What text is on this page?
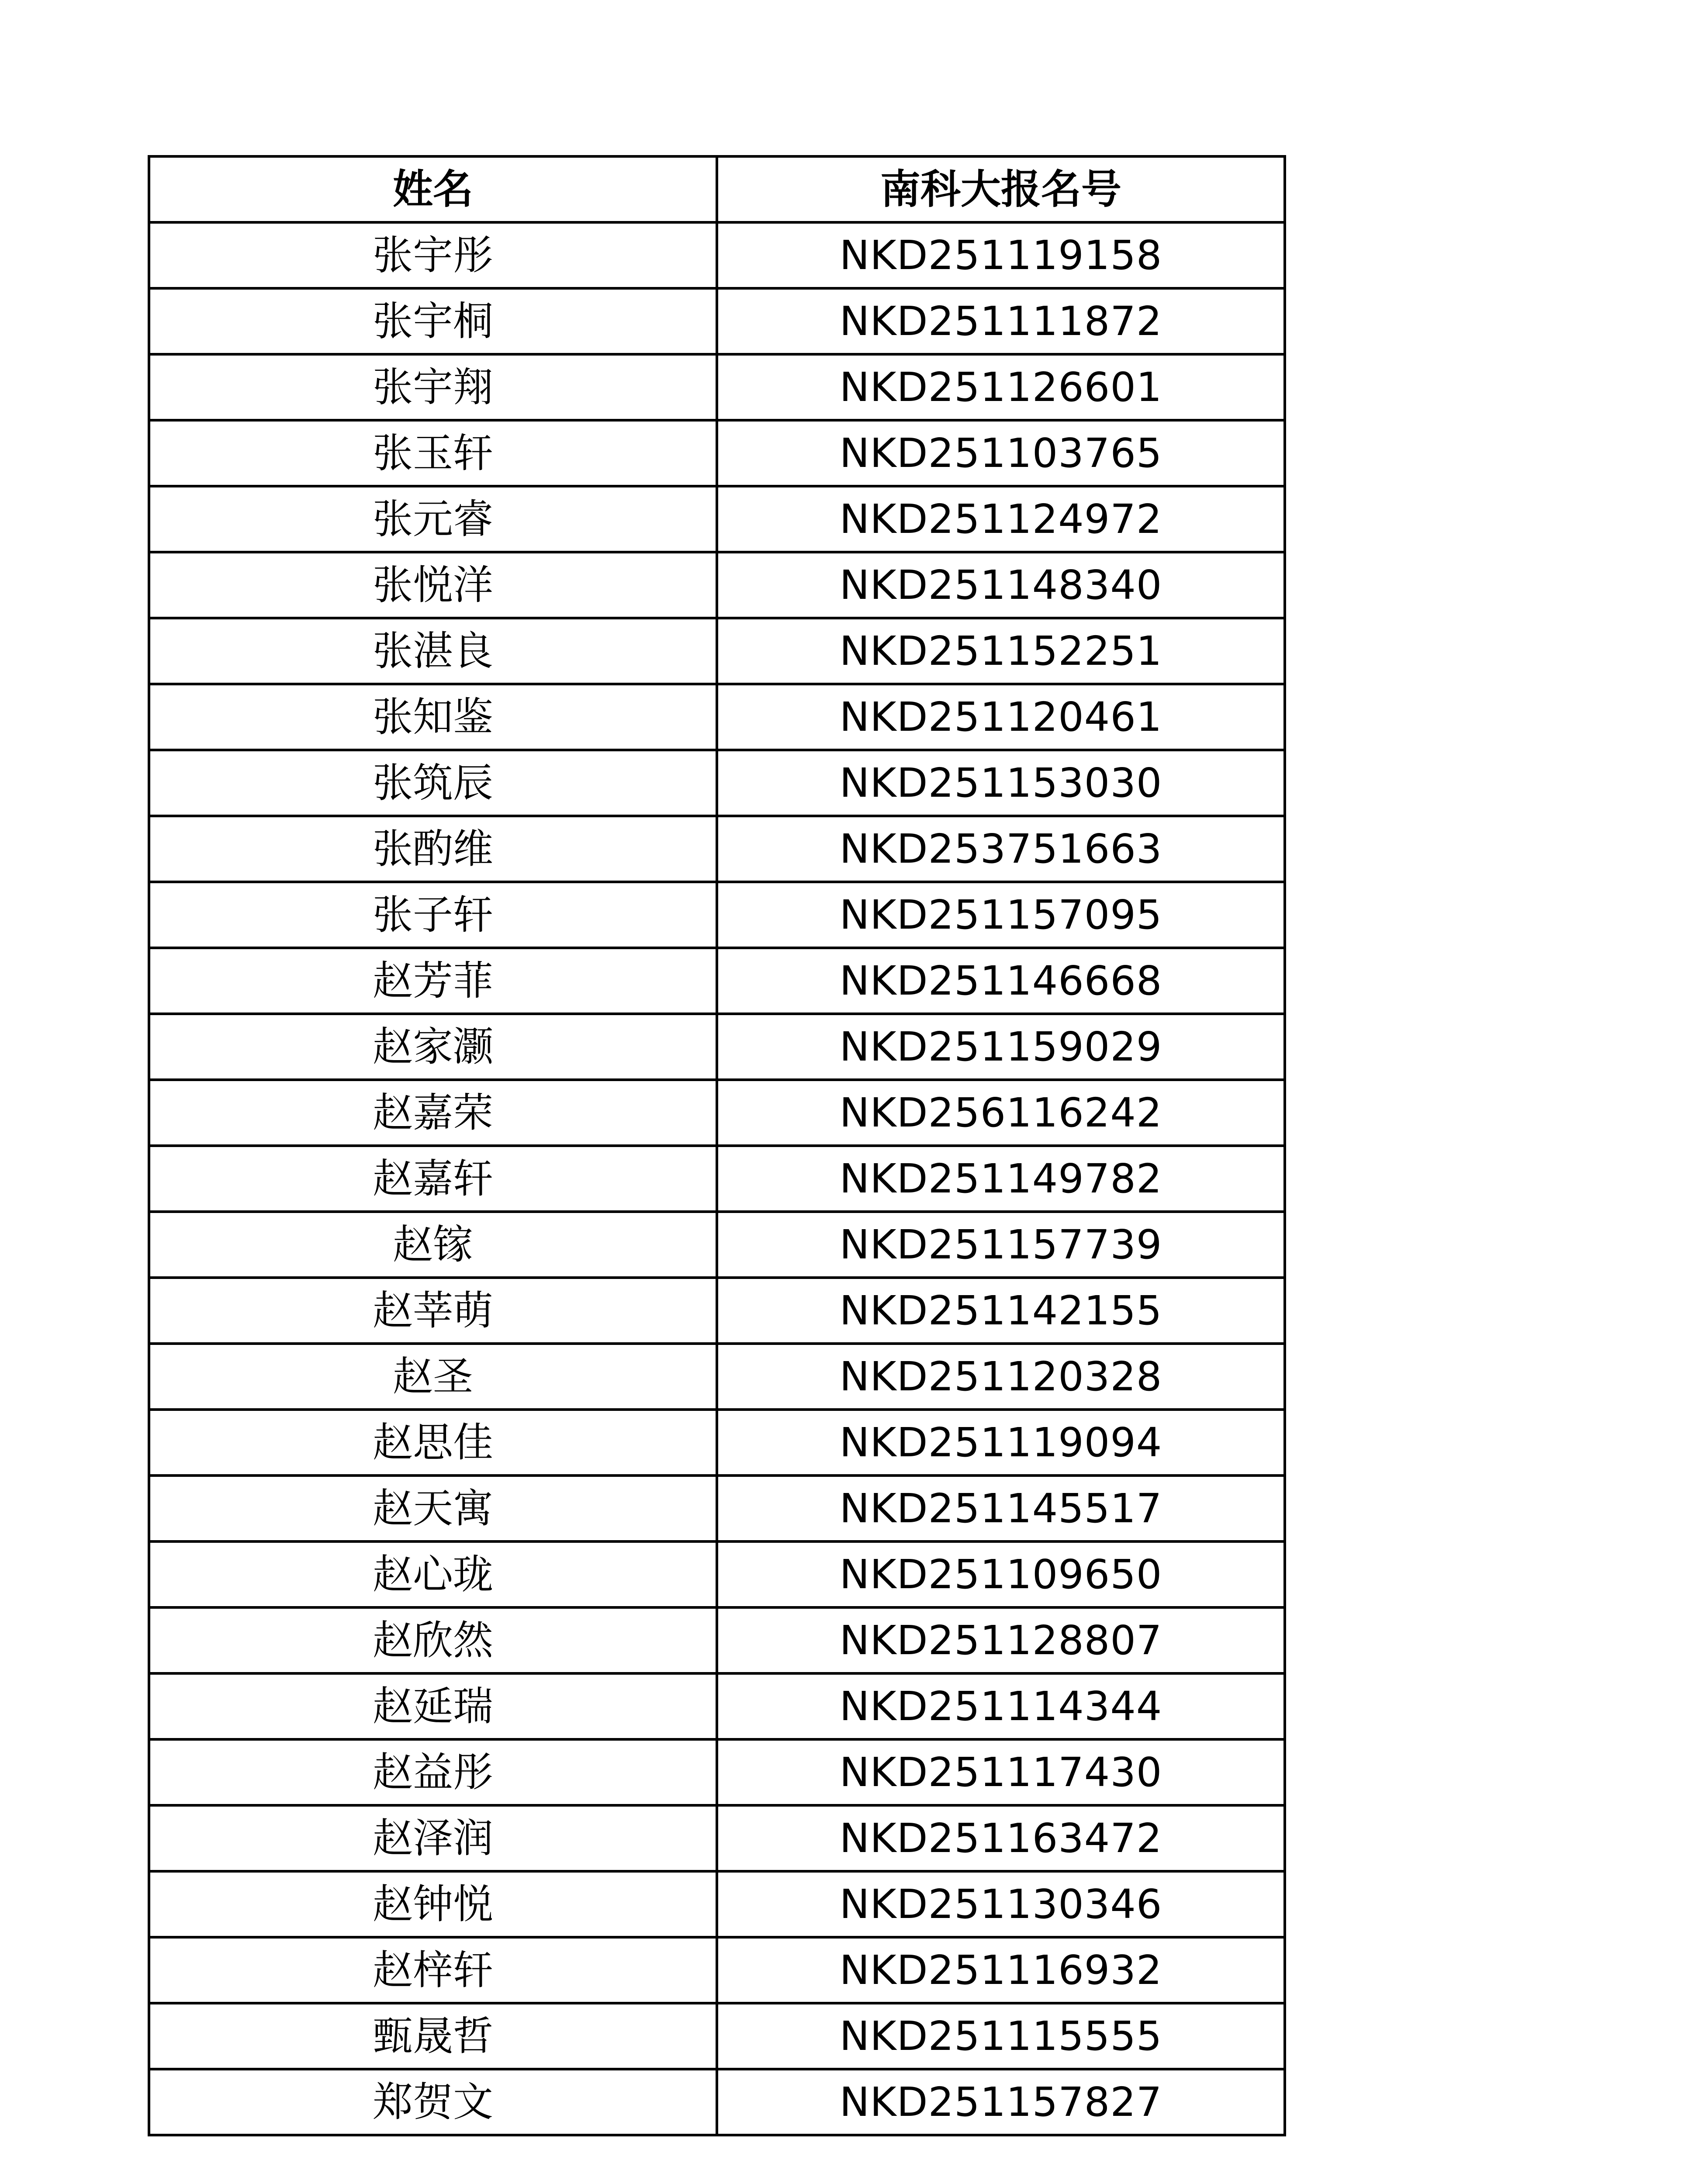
姓名	南科大报名号
张宇彤	NKD251119158
张宇桐	NKD251111872
张宇翔	NKD251126601
张玉轩	NKD251103765
张元睿	NKD251124972
张悦洋	NKD251148340
张湛良	NKD251152251
张知鉴	NKD251120461
张筑辰	NKD251153030
张酌维	NKD253751663
张子轩	NKD251157095
赵芳菲	NKD251146668
赵家灏	NKD251159029
赵嘉荣	NKD256116242
赵嘉轩	NKD251149782
赵镓	NKD251157739
赵莘萌	NKD251142155
赵圣	NKD251120328
赵思佳	NKD251119094
赵天寓	NKD251145517
赵心珑	NKD251109650
赵欣然	NKD251128807
赵延瑞	NKD251114344
赵益彤	NKD251117430
赵泽润	NKD251163472
赵钟悦	NKD251130346
赵梓轩	NKD251116932
甄晟哲	NKD251115555
郑贺文	NKD251157827
